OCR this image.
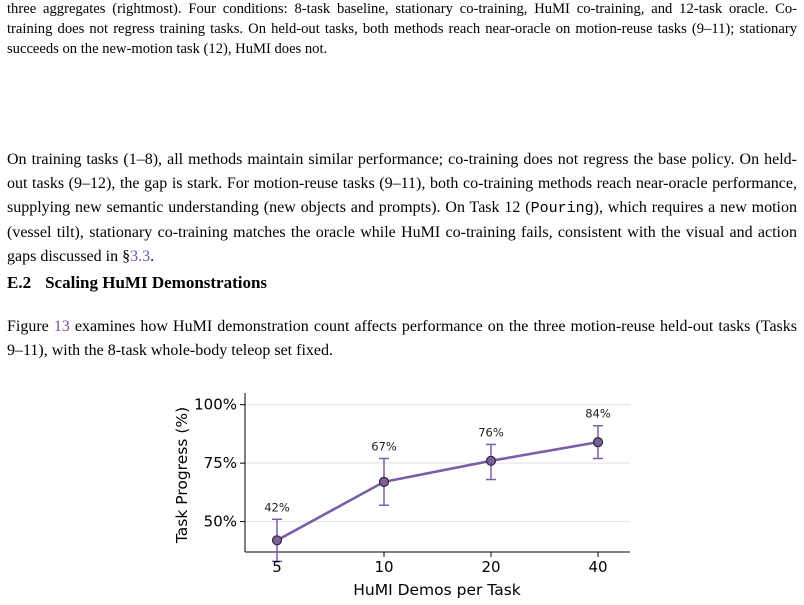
three aggregates (rightmost). Four conditions: 8-task baseline, stationary co-training, HuMI co-training, and 12-task oracle. Co-training does not regress training tasks. On held-out tasks, both methods reach near-oracle on motion-reuse tasks (9–11); stationary succeeds on the new-motion task (12), HuMI does not.

On training tasks (1–8), all methods maintain similar performance; co-training does not regress the base policy. On held-out tasks (9–12), the gap is stark. For motion-reuse tasks (9–11), both co-training methods reach near-oracle performance, supplying new semantic understanding (new objects and prompts). On Task 12 (Pouring), which requires a new motion (vessel tilt), stationary co-training matches the oracle while HuMI co-training fails, consistent with the visual and action gaps discussed in §3.3.

E.2 Scaling HuMI Demonstrations

Figure 13 examines how HuMI demonstration count affects performance on the three motion-reuse held-out tasks (Tasks 9–11), with the 8-task whole-body teleop set fixed.

42%
67%
76%
84%
50%
75%
100%
5	10	20	40
HuMI Demos per Task
Task Progress (%)
